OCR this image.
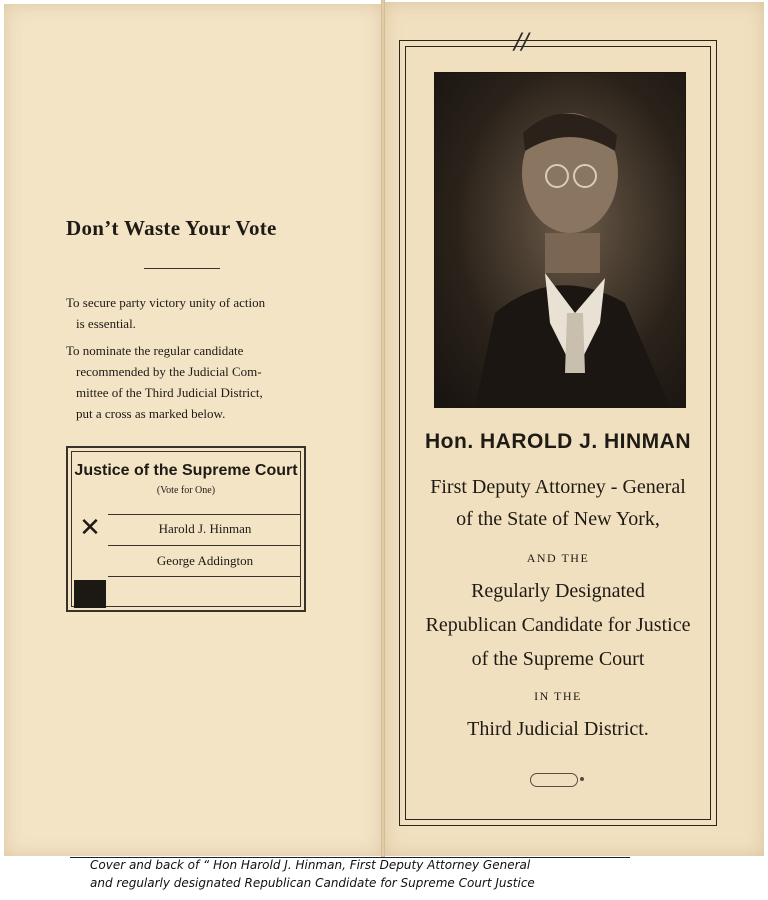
Don’t Waste Your Vote
To secure party victory unity of action
is essential.
To nominate the regular candidate
recommended by the Judicial Com-
mittee of the Third Judicial District,
put a cross as marked below.
Justice of the Supreme Court
(Vote for One)
✕	Harold J. Hinman
George Addington
//
Hon. HAROLD J. HINMAN
First Deputy Attorney - General
of the State of New York,
AND THE
Regularly Designated
Republican Candidate for Justice
of the Supreme Court
IN THE
Third Judicial District.
Cover and back of “ Hon Harold J. Hinman, First Deputy Attorney General
and regularly designated Republican Candidate for Supreme Court Justice
